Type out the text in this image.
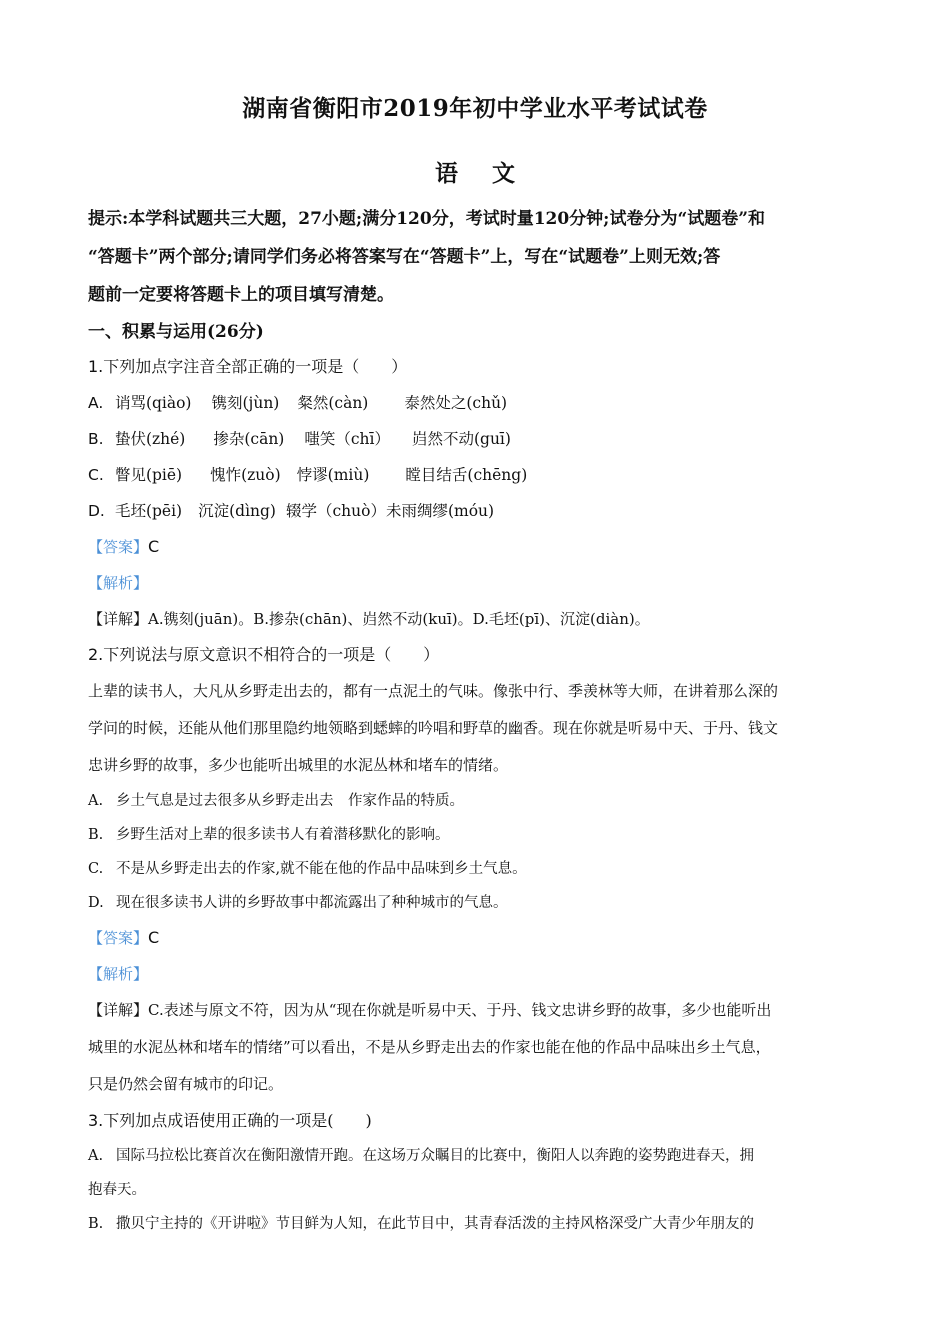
湖南省衡阳市2019年初中学业水平考试试卷
语 文
提示:本学科试题共三大题，27小题;满分120分，考试时量120分钟;试卷分为“试题卷”和
“答题卡”两个部分;请同学们务必将答案写在“答题卡”上，写在“试题卷”上则无效;答
题前一定要将答题卡上的项目填写清楚。
一、积累与运用(26分)
1.下列加点字注音全部正确的一项是（　　）
A. 诮骂(qiào) 镌刻(jùn) 粲然(càn) 泰然处之(chǔ)
B. 蛰伏(zhé) 掺杂(cān) 嗤笑（chī） 岿然不动(guī)
C. 瞥见(piē) 愧怍(zuò) 悖谬(miù) 瞠目结舌(chēng)
D. 毛坯(pēi) 沉淀(dìng) 辍学（chuò）未雨绸缪(móu)
【答案】C
【解析】
【详解】A.镌刻(juān)。B.掺杂(chān)、岿然不动(kuī)。D.毛坯(pī)、沉淀(diàn)。
2.下列说法与原文意识不相符合的一项是（　　）
上辈的读书人，大凡从乡野走出去的，都有一点泥土的气味。像张中行、季羡林等大师，在讲着那么深的
学问的时候，还能从他们那里隐约地领略到蟋蟀的吟唱和野草的幽香。现在你就是听易中天、于丹、钱文
忠讲乡野的故事，多少也能听出城里的水泥丛林和堵车的情绪。
A. 乡土气息是过去很多从乡野走出去　作家作品的特质。
B. 乡野生活对上辈的很多读书人有着潜移默化的影响。
C. 不是从乡野走出去的作家,就不能在他的作品中品味到乡土气息。
D. 现在很多读书人讲的乡野故事中都流露出了种种城市的气息。
【答案】C
【解析】
【详解】C.表述与原文不符，因为从“现在你就是听易中天、于丹、钱文忠讲乡野的故事，多少也能听出
城里的水泥丛林和堵车的情绪”可以看出，不是从乡野走出去的作家也能在他的作品中品味出乡土气息，
只是仍然会留有城市的印记。
3.下列加点成语使用正确的一项是(　　)
A. 国际马拉松比赛首次在衡阳激情开跑。在这场万众瞩目的比赛中，衡阳人以奔跑的姿势跑进春天，拥
抱春天。
B. 撒贝宁主持的《开讲啦》节目鲜为人知，在此节目中，其青春活泼的主持风格深受广大青少年朋友的
